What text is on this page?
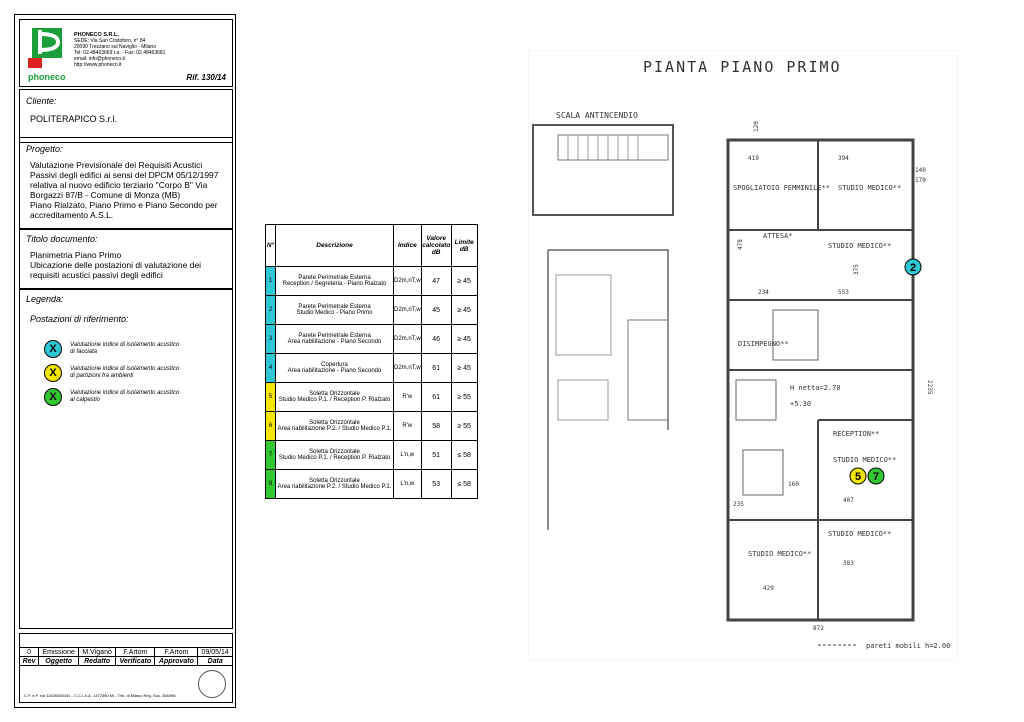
phoneco
PHONECO S.R.L.
SEDE: Via San Cristoforo, n° 84
20090 Trezzano sul Naviglio - Milano
Tel: 02.48463669 r.a. - Fax: 02.48463681
email: info@phoneco.it
http://www.phoneco.it
Rif. 130/14
Cliente:
POLITERAPICO S.r.l.
Progetto:
Valutazione Previsionale dei Requisiti Acustici
Passivi degli edifici ai sensi del DPCM 05/12/1997
relativa al nuovo edificio terziario "Corpo B" Via
Borgazzi 87/B - Comune di Monza (MB)
Piano Rialzato, Piano Primo e Piano Secondo per
accreditamento A.S.L.
Titolo documento:
Planimetria Piano Primo
Ubicazione delle postazioni di valutazione dei
requisiti acustici passivi degli edifici
Legenda:
Postazioni di riferimento:
X	Valutazione indice di isolamento acustico
di facciata
X	Valutazione indice di isolamento acustico
di partizioni fra ambienti
X	Valutazione indice di isolamento acustico
al calpestio

0	Emissione	M.Viganò	F.Artom	F.Artom	09/05/14
Rev	Oggetto	Redatto	Verificato	Approvato	Data
C.F. e P. Iva 11526630151 - C.C.I.A.A. 1472390 Mi - Trib. di Milano Reg. Soc. 356098
N°	Descrizione	Indice	Valore calcolato dB	Limite dB
1	Parete Perimetrale Esterna
Reception / Segreteria - Piano Rialzato	D2m,nT,w	47	≥ 45
2	Parete Perimetrale Esterna
Studio Medico - Piano Primo	D2m,nT,w	45	≥ 45
3	Parete Perimetrale Esterna
Area riabilitazione - Piano Secondo	D2m,nT,w	46	≥ 45
4	Copertura
Area riabilitazione - Piano Secondo	D2m,nT,w	61	≥ 45
5	Soletta Orizzontale
Studio Medico P.1. / Reception P. Rialzato	R'w	61	≥ 55
6	Soletta Orizzontale
Area riabilitazione P.2. / Studio Medico P.1.	R'w	58	≥ 55
7	Soletta Orizzontale
Studio Medico P.1. / Reception P. Rialzato	L'n,w	51	≤ 58
8	Soletta Orizzontale
Area riabilitazione P.2. / Studio Medico P.1.	L'n,w	53	≤ 58
PIANTA PIANO PRIMO
SCALA ANTINCENDIO
SPOGLIATOIO FEMMINILE** STUDIO MEDICO**
ATTESA*
STUDIO MEDICO**
DISIMPEGNO**
RECEPTION**
STUDIO MEDICO**
STUDIO MEDICO**
STUDIO MEDICO**
H netta=2.70
+5.30
419	394
234	553
235
160
407
429
383
872
2235
478
375
140
170
120
pareti mobili h=2.00
2
5 7
